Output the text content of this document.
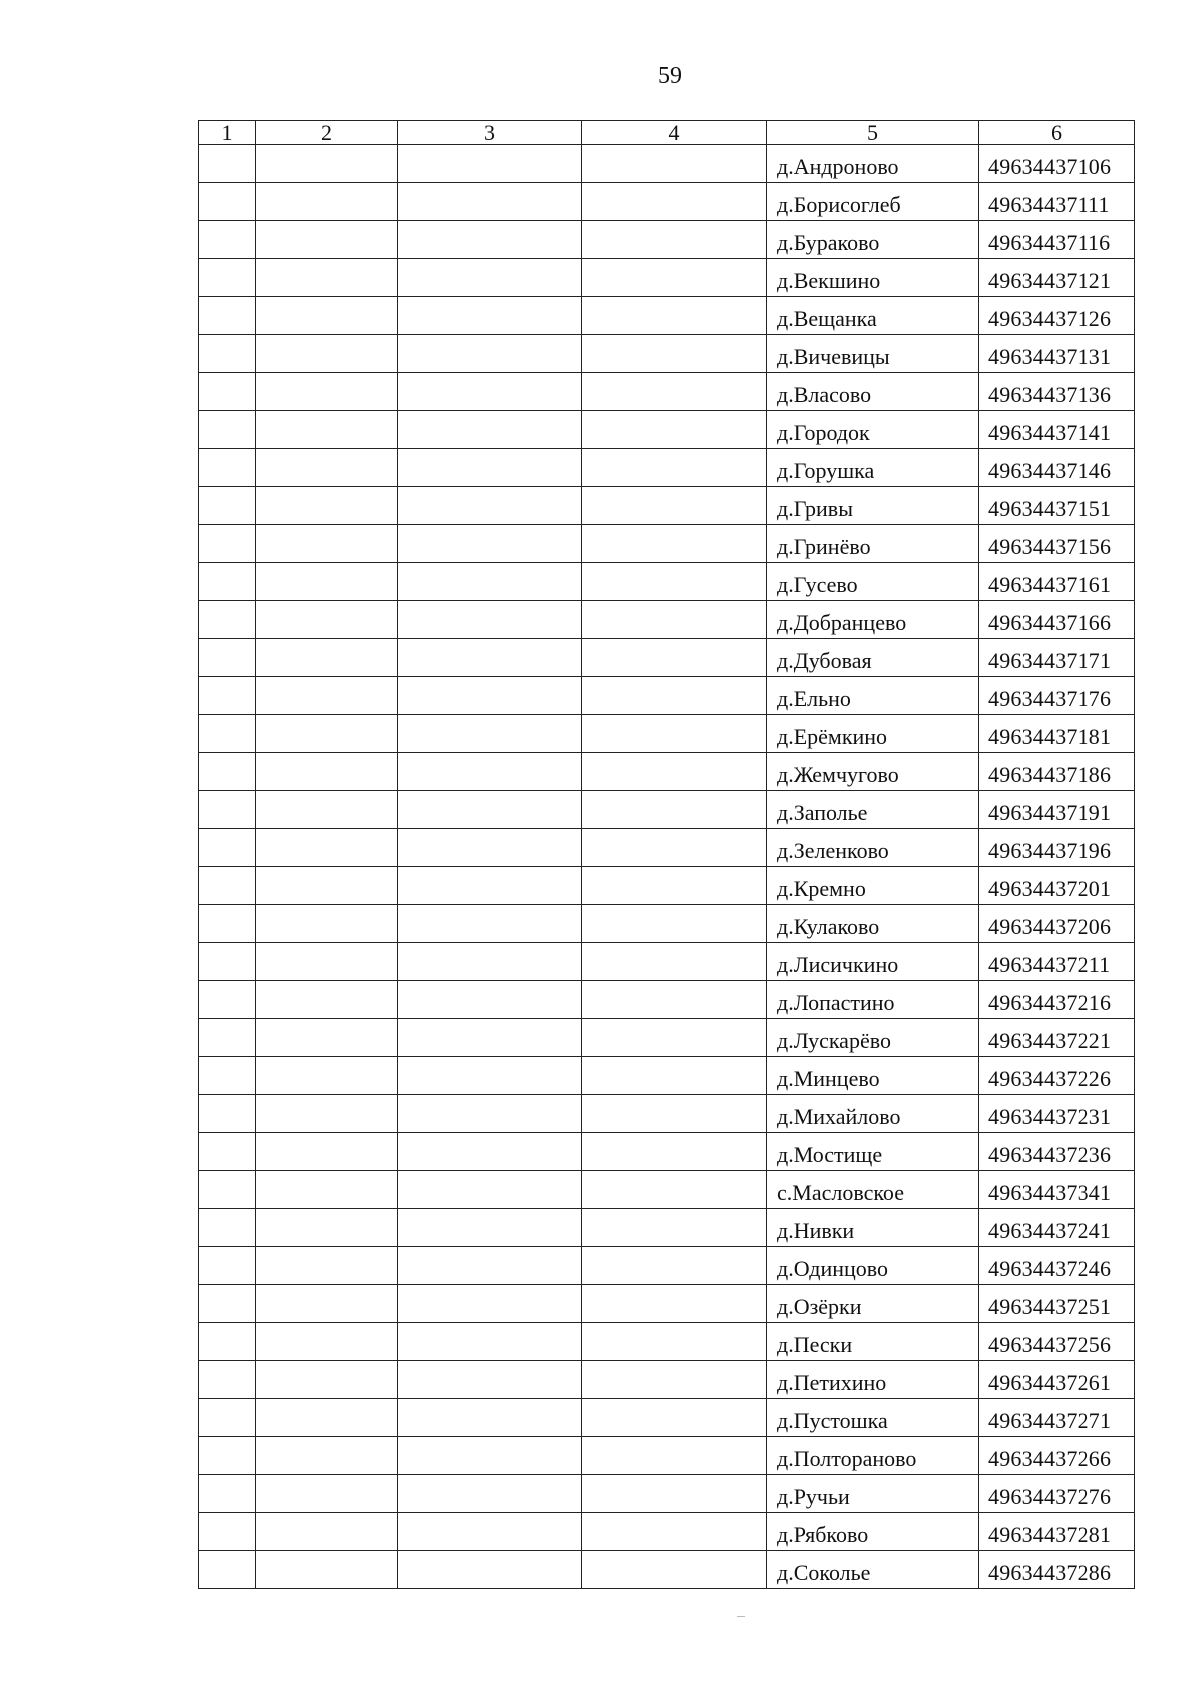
59
1	2	3	4	5	6
				д.Андроново	49634437106
				д.Борисоглеб	49634437111
				д.Бураково	49634437116
				д.Векшино	49634437121
				д.Вещанка	49634437126
				д.Вичевицы	49634437131
				д.Власово	49634437136
				д.Городок	49634437141
				д.Горушка	49634437146
				д.Гривы	49634437151
				д.Гринёво	49634437156
				д.Гусево	49634437161
				д.Добранцево	49634437166
				д.Дубовая	49634437171
				д.Ельно	49634437176
				д.Ерёмкино	49634437181
				д.Жемчугово	49634437186
				д.Заполье	49634437191
				д.Зеленково	49634437196
				д.Кремно	49634437201
				д.Кулаково	49634437206
				д.Лисичкино	49634437211
				д.Лопастино	49634437216
				д.Лускарёво	49634437221
				д.Минцево	49634437226
				д.Михайлово	49634437231
				д.Мостище	49634437236
				с.Масловское	49634437341
				д.Нивки	49634437241
				д.Одинцово	49634437246
				д.Озёрки	49634437251
				д.Пески	49634437256
				д.Петихино	49634437261
				д.Пустошка	49634437271
				д.Полтораново	49634437266
				д.Ручьи	49634437276
				д.Рябково	49634437281
				д.Сокольe	49634437286
